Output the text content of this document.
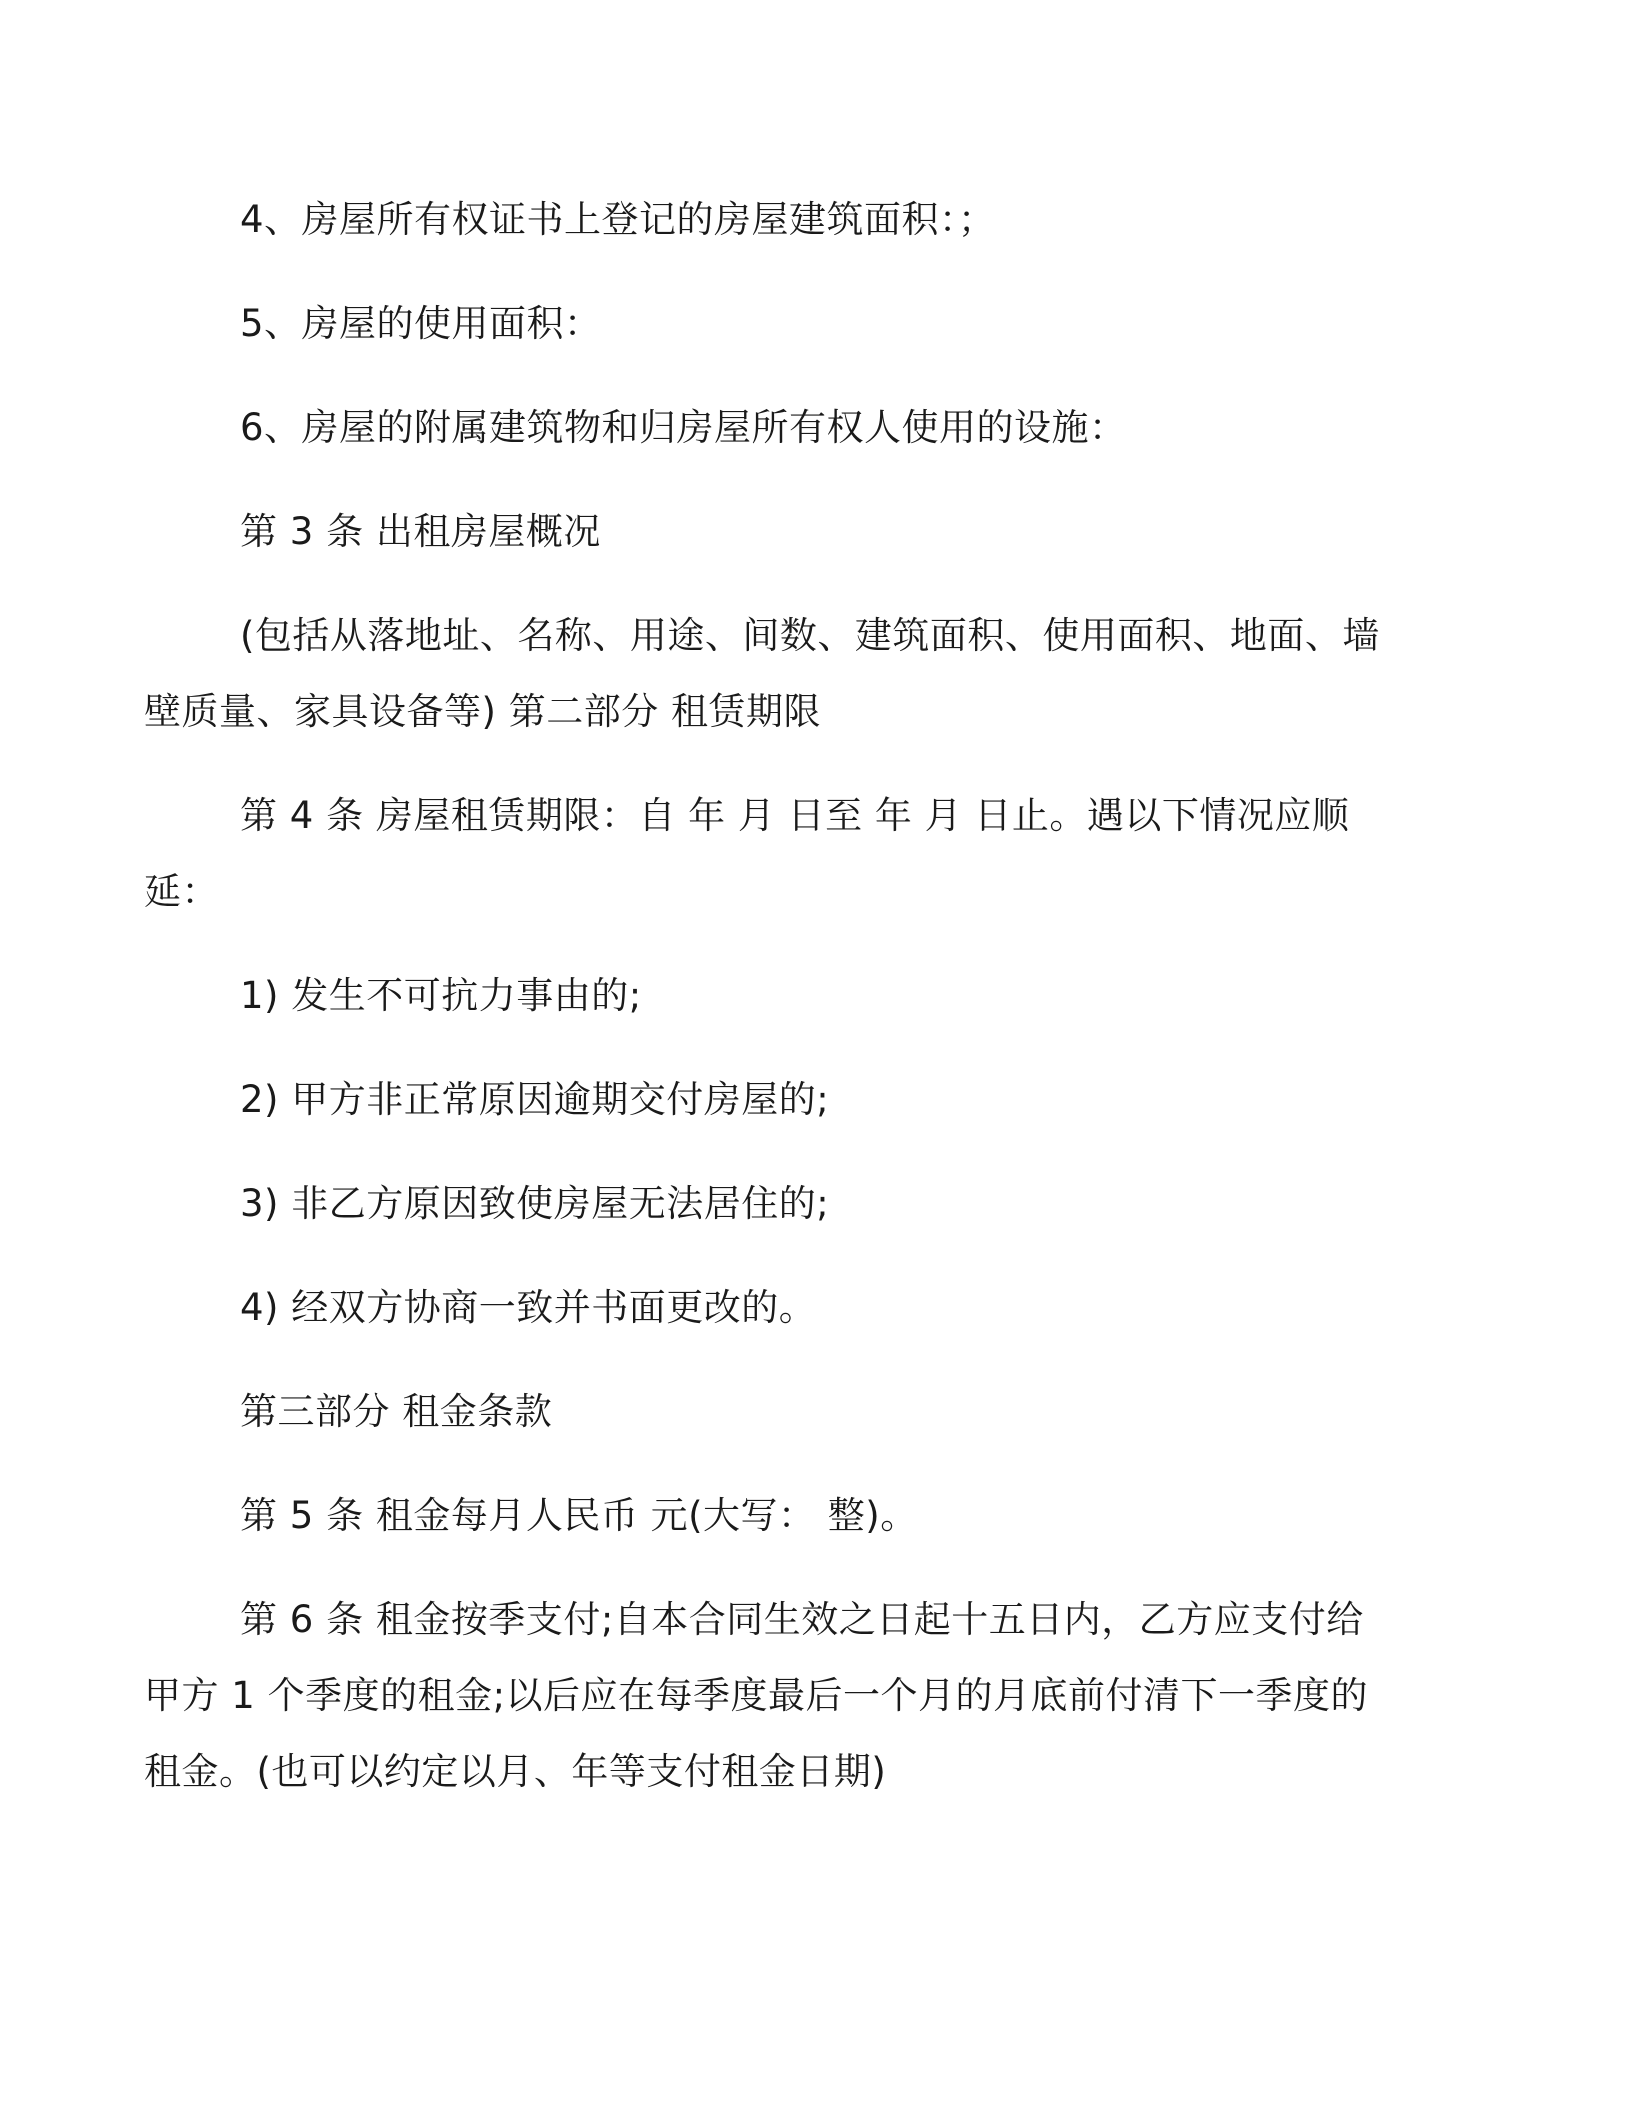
4、房屋所有权证书上登记的房屋建筑面积：；

5、房屋的使用面积：

6、房屋的附属建筑物和归房屋所有权人使用的设施：

第 3 条 出租房屋概况

(包括从落地址、名称、用途、间数、建筑面积、使用面积、地面、墙壁质量、家具设备等) 第二部分 租赁期限

第 4 条 房屋租赁期限：自 年 月 日至 年 月 日止。遇以下情况应顺延：

1) 发生不可抗力事由的;

2) 甲方非正常原因逾期交付房屋的;

3) 非乙方原因致使房屋无法居住的;

4) 经双方协商一致并书面更改的。

第三部分 租金条款

第 5 条 租金每月人民币 元(大写： 整)。

第 6 条 租金按季支付;自本合同生效之日起十五日内，乙方应支付给甲方 1 个季度的租金;以后应在每季度最后一个月的月底前付清下一季度的租金。(也可以约定以月、年等支付租金日期)
